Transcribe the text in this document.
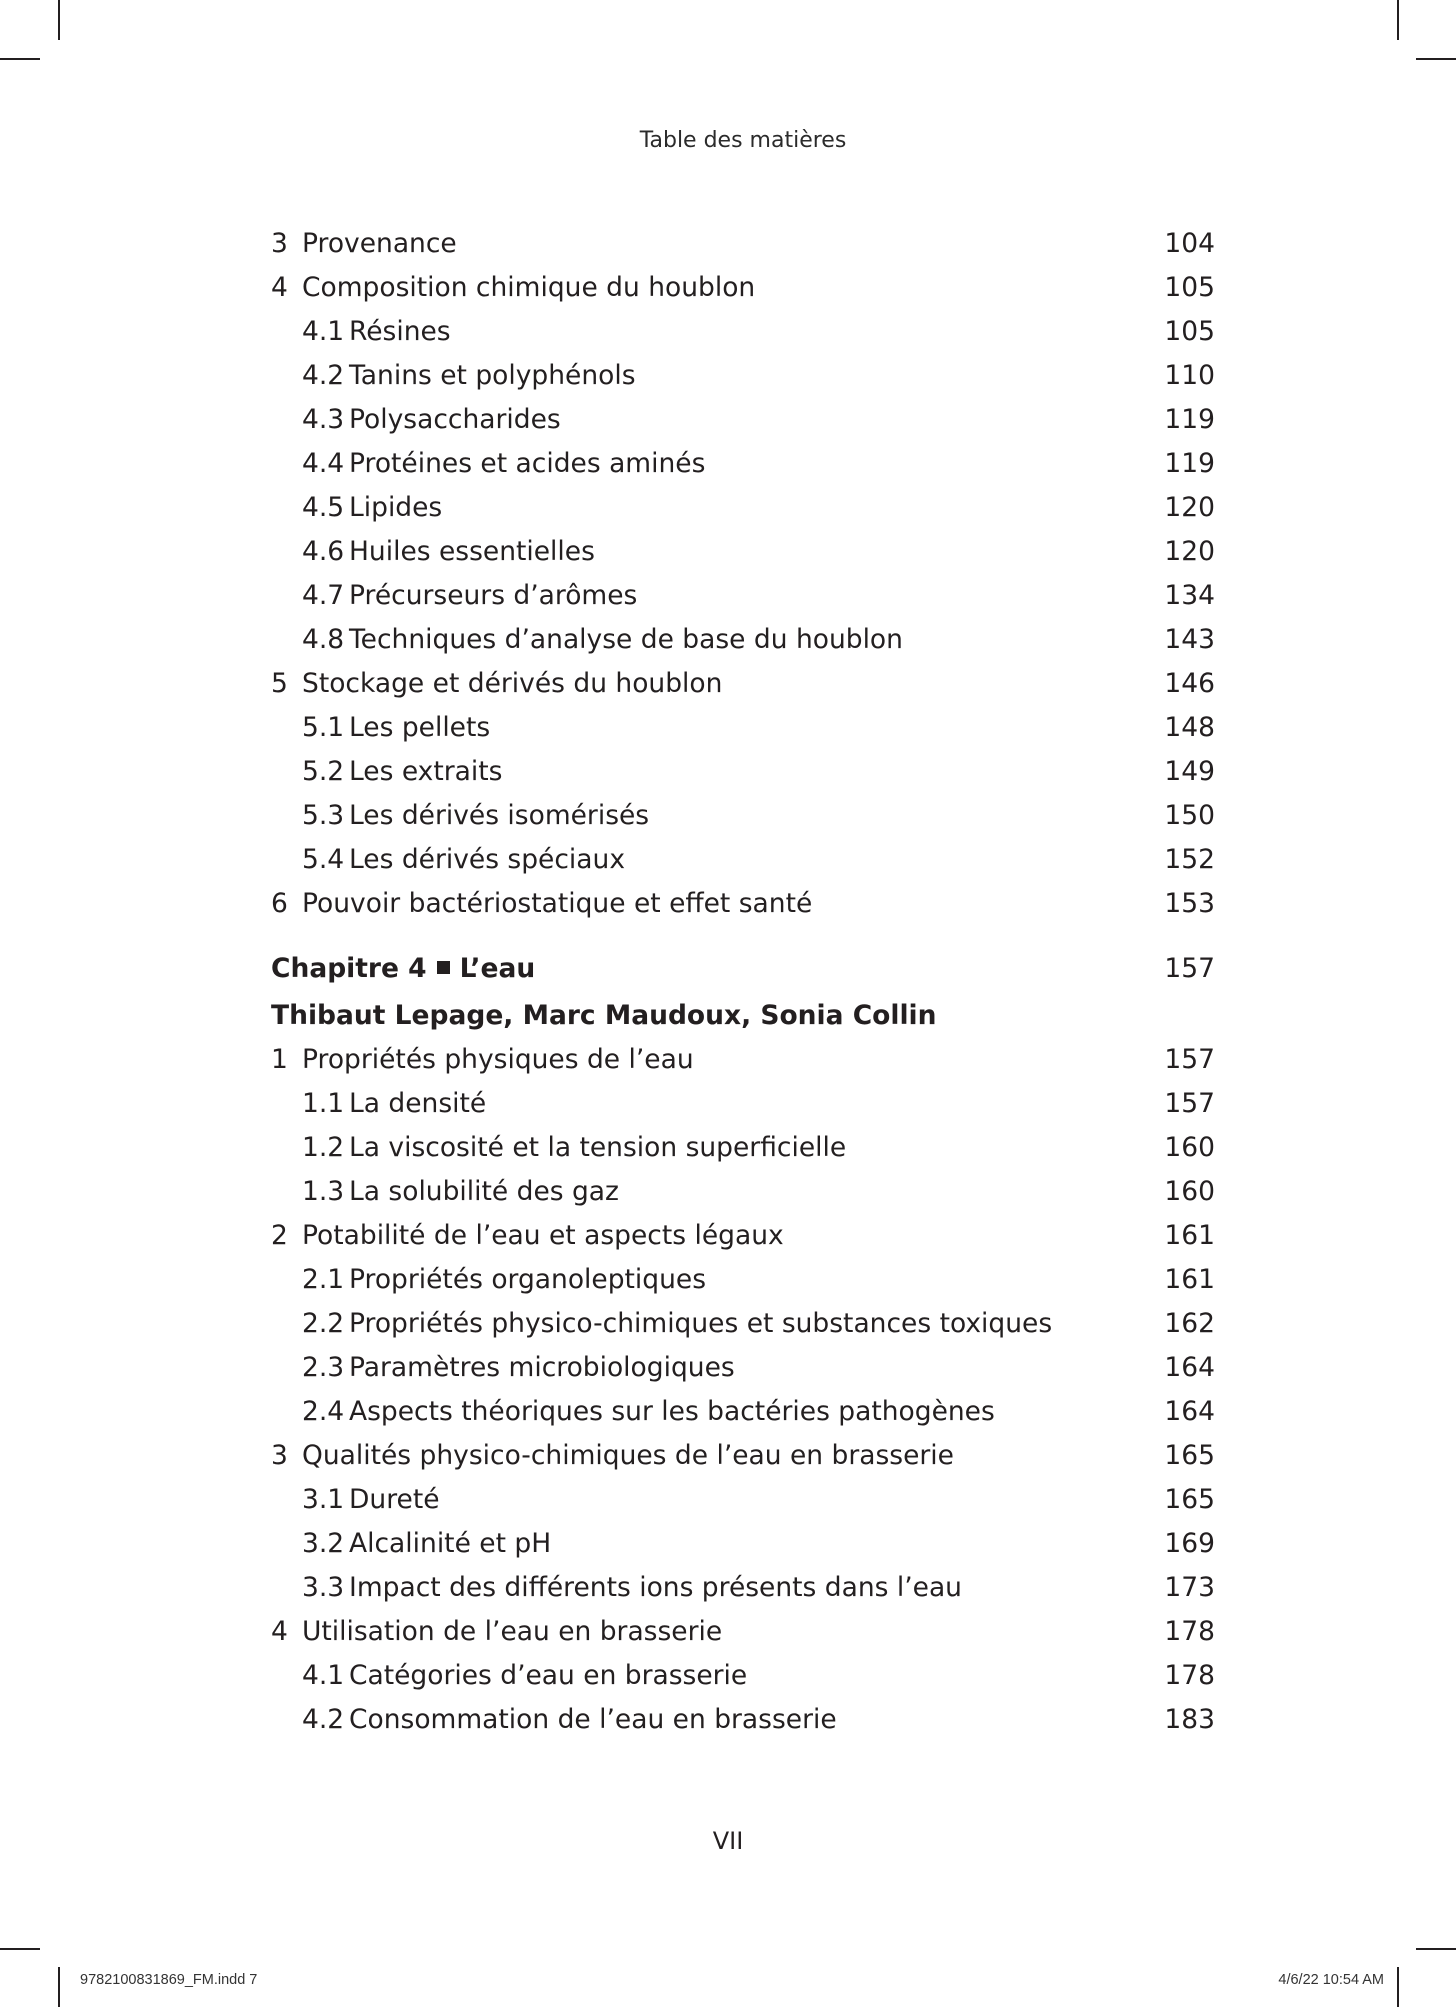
Table des matières
3 Provenance	104
4 Composition chimique du houblon	105
4.1 Résines	105
4.2 Tanins et polyphénols	110
4.3 Polysaccharides	119
4.4 Protéines et acides aminés	119
4.5 Lipides	120
4.6 Huiles essentielles	120
4.7 Précurseurs d’arômes	134
4.8 Techniques d’analyse de base du houblon	143
5 Stockage et dérivés du houblon	146
5.1 Les pellets	148
5.2 Les extraits	149
5.3 Les dérivés isomérisés	150
5.4 Les dérivés spéciaux	152
6 Pouvoir bactériostatique et effet santé	153
Chapitre 4 L’eau	157
Thibaut Lepage, Marc Maudoux, Sonia Collin
1 Propriétés physiques de l’eau	157
1.1 La densité	157
1.2 La viscosité et la tension superficielle	160
1.3 La solubilité des gaz	160
2 Potabilité de l’eau et aspects légaux	161
2.1 Propriétés organoleptiques	161
2.2 Propriétés physico-chimiques et substances toxiques	162
2.3 Paramètres microbiologiques	164
2.4 Aspects théoriques sur les bactéries pathogènes	164
3 Qualités physico-chimiques de l’eau en brasserie	165
3.1 Dureté	165
3.2 Alcalinité et pH	169
3.3 Impact des différents ions présents dans l’eau	173
4 Utilisation de l’eau en brasserie	178
4.1 Catégories d’eau en brasserie	178
4.2 Consommation de l’eau en brasserie	183
VII
9782100831869_FM.indd 7	4/6/22 10:54 AM
